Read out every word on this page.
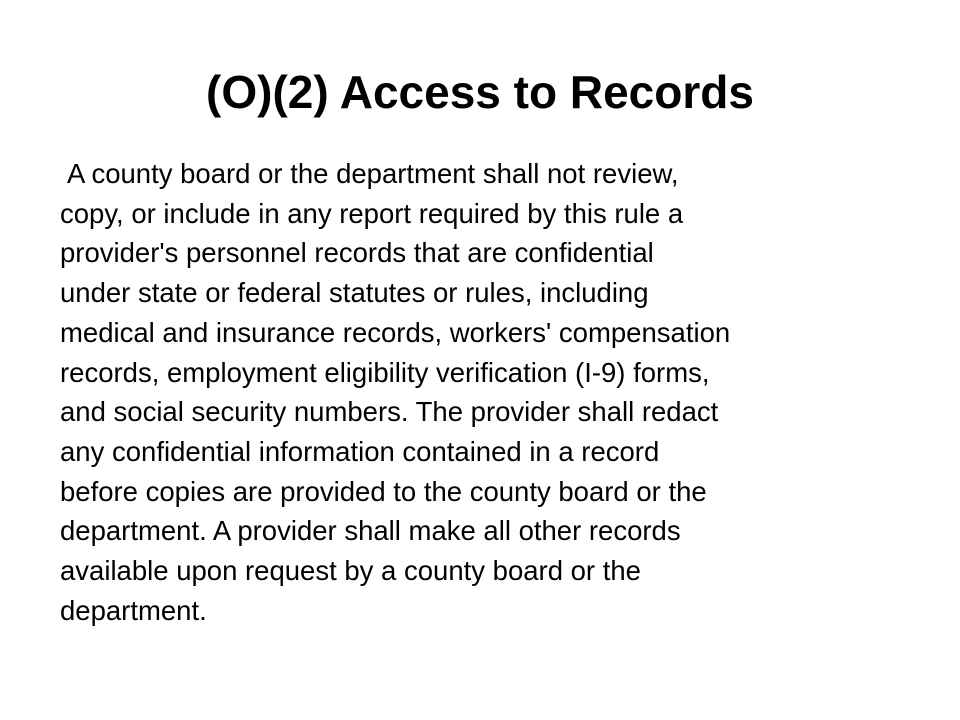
(O)(2) Access to Records

A county board or the department shall not review,
copy, or include in any report required by this rule a
provider's personnel records that are confidential
under state or federal statutes or rules, including
medical and insurance records, workers' compensation
records, employment eligibility verification (I-9) forms,
and social security numbers. The provider shall redact
any confidential information contained in a record
before copies are provided to the county board or the
department. A provider shall make all other records
available upon request by a county board or the
department.
